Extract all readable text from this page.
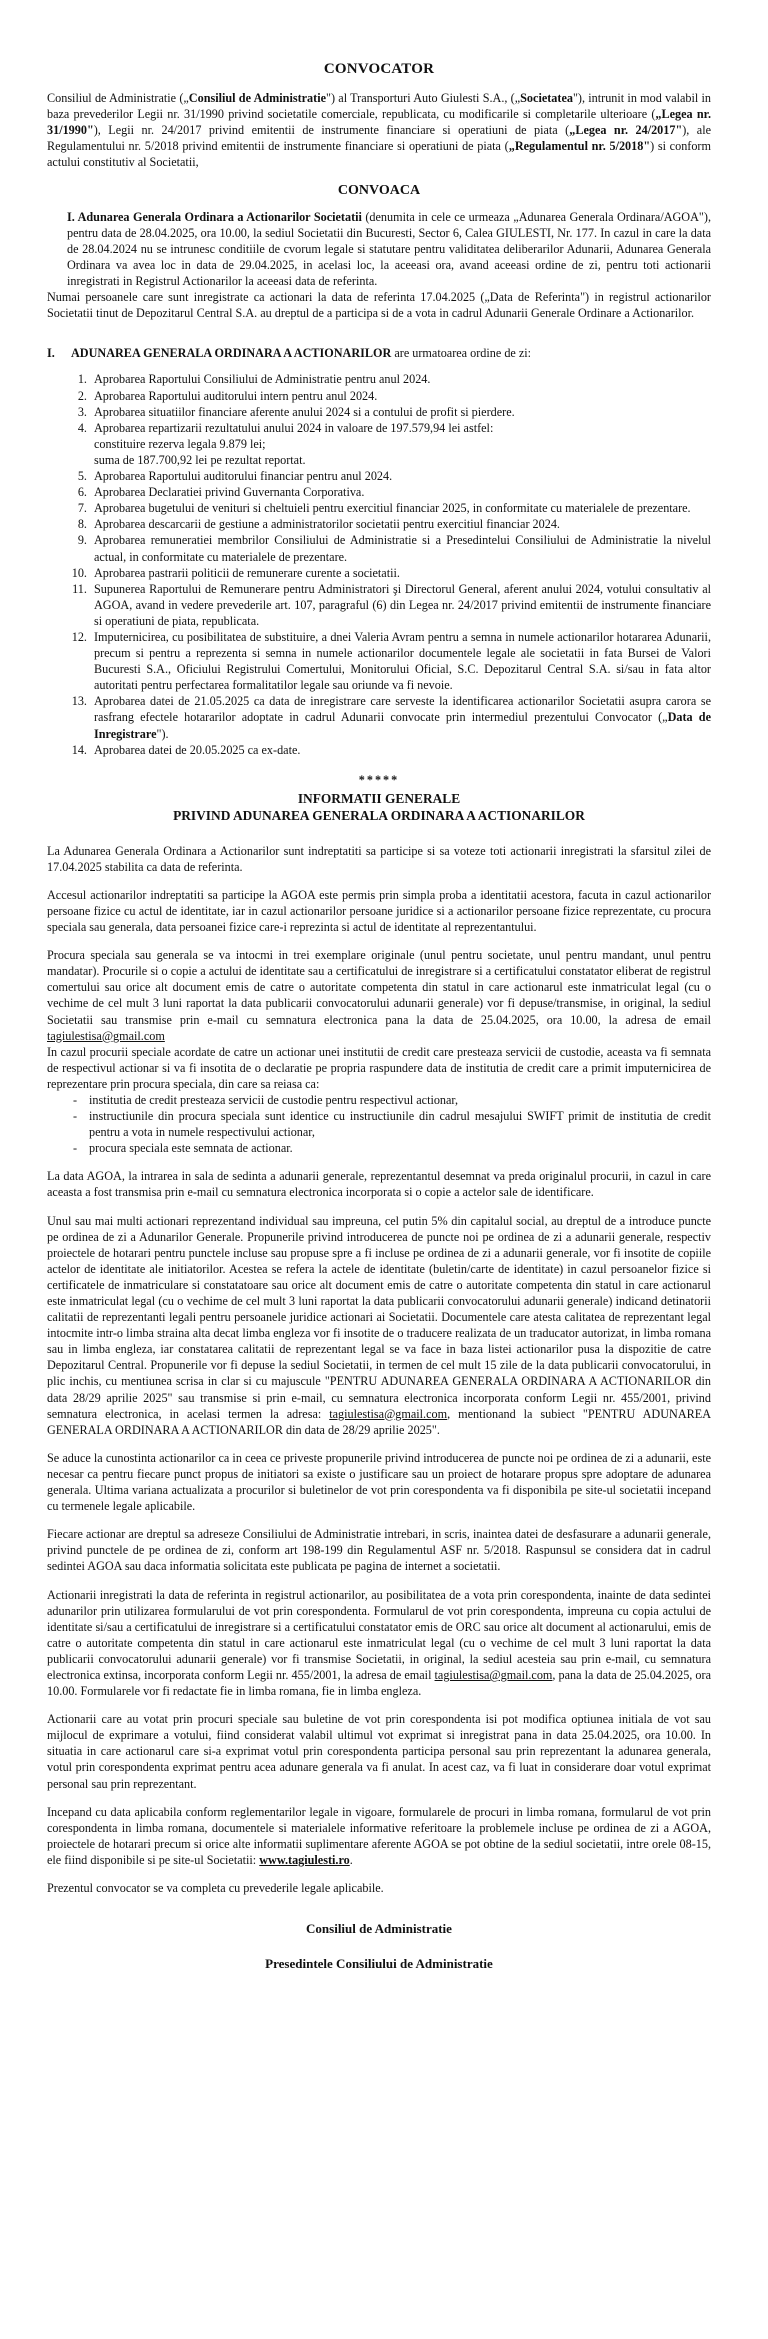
CONVOCATOR

Consiliul de Administratie („Consiliul de Administratie") al Transporturi Auto Giulesti S.A., („Societatea"), intrunit in mod valabil in baza prevederilor Legii nr. 31/1990 privind societatile comerciale, republicata, cu modificarile si completarile ulterioare („Legea nr. 31/1990"), Legii nr. 24/2017 privind emitentii de instrumente financiare si operatiuni de piata („Legea nr. 24/2017"), ale Regulamentului nr. 5/2018 privind emitentii de instrumente financiare si operatiuni de piata („Regulamentul nr. 5/2018") si conform actului constitutiv al Societatii,

CONVOACA

I. Adunarea Generala Ordinara a Actionarilor Societatii (denumita in cele ce urmeaza „Adunarea Generala Ordinara/AGOA"), pentru data de 28.04.2025, ora 10.00, la sediul Societatii din Bucuresti, Sector 6, Calea GIULESTI, Nr. 177. In cazul in care la data de 28.04.2024 nu se intrunesc conditiile de cvorum legale si statutare pentru validitatea deliberarilor Adunarii, Adunarea Generala Ordinara va avea loc in data de 29.04.2025, in acelasi loc, la aceeasi ora, avand aceeasi ordine de zi, pentru toti actionarii inregistrati in Registrul Actionarilor la aceeasi data de referinta.

Numai persoanele care sunt inregistrate ca actionari la data de referinta 17.04.2025 („Data de Referinta") in registrul actionarilor Societatii tinut de Depozitarul Central S.A. au dreptul de a participa si de a vota in cadrul Adunarii Generale Ordinare a Actionarilor.

I. ADUNAREA GENERALA ORDINARA A ACTIONARILOR are urmatoarea ordine de zi:
1. Aprobarea Raportului Consiliului de Administratie pentru anul 2024.
2. Aprobarea Raportului auditorului intern pentru anul 2024.
3. Aprobarea situatiilor financiare aferente anului 2024 si a contului de profit si pierdere.
4. Aprobarea repartizarii rezultatului anului 2024 in valoare de 197.579,94 lei astfel:
constituire rezerva legala 9.879 lei;
suma de 187.700,92 lei pe rezultat reportat.
5. Aprobarea Raportului auditorului financiar pentru anul 2024.
6. Aprobarea Declaratiei privind Guvernanta Corporativa.
7. Aprobarea bugetului de venituri si cheltuieli pentru exercitiul financiar 2025, in conformitate cu materialele de prezentare.
8. Aprobarea descarcarii de gestiune a administratorilor societatii pentru exercitiul financiar 2024.
9. Aprobarea remuneratiei membrilor Consiliului de Administratie si a Presedintelui Consiliului de Administratie la nivelul actual, in conformitate cu materialele de prezentare.
10. Aprobarea pastrarii politicii de remunerare curente a societatii.
11. Supunerea Raportului de Remunerare pentru Administratori şi Directorul General, aferent anului 2024, votului consultativ al AGOA, avand in vedere prevederile art. 107, paragraful (6) din Legea nr. 24/2017 privind emitentii de instrumente financiare si operatiuni de piata, republicata.
12. Imputernicirea, cu posibilitatea de substituire, a dnei Valeria Avram pentru a semna in numele actionarilor hotararea Adunarii, precum si pentru a reprezenta si semna in numele actionarilor documentele legale ale societatii in fata Bursei de Valori Bucuresti S.A., Oficiului Registrului Comertului, Monitorului Oficial, S.C. Depozitarul Central S.A. si/sau in fata altor autoritati pentru perfectarea formalitatilor legale sau oriunde va fi nevoie.
13. Aprobarea datei de 21.05.2025 ca data de inregistrare care serveste la identificarea actionarilor Societatii asupra carora se rasfrang efectele hotararilor adoptate in cadrul Adunarii convocate prin intermediul prezentului Convocator („Data de Inregistrare").
14. Aprobarea datei de 20.05.2025 ca ex-date.
*****
INFORMATII GENERALE
PRIVIND ADUNAREA GENERALA ORDINARA A ACTIONARILOR

La Adunarea Generala Ordinara a Actionarilor sunt indreptatiti sa participe si sa voteze toti actionarii inregistrati la sfarsitul zilei de 17.04.2025 stabilita ca data de referinta.

Accesul actionarilor indreptatiti sa participe la AGOA este permis prin simpla proba a identitatii acestora, facuta in cazul actionarilor persoane fizice cu actul de identitate, iar in cazul actionarilor persoane juridice si a actionarilor persoane fizice reprezentate, cu procura speciala sau generala, data persoanei fizice care-i reprezinta si actul de identitate al reprezentantului.

Procura speciala sau generala se va intocmi in trei exemplare originale (unul pentru societate, unul pentru mandant, unul pentru mandatar). Procurile si o copie a actului de identitate sau a certificatului de inregistrare si a certificatului constatator eliberat de registrul comertului sau orice alt document emis de catre o autoritate competenta din statul in care actionarul este inmatriculat legal (cu o vechime de cel mult 3 luni raportat la data publicarii convocatorului adunarii generale) vor fi depuse/transmise, in original, la sediul Societatii sau transmise prin e-mail cu semnatura electronica pana la data de 25.04.2025, ora 10.00, la adresa de email tagiulestisa@gmail.com

In cazul procurii speciale acordate de catre un actionar unei institutii de credit care presteaza servicii de custodie, aceasta va fi semnata de respectivul actionar si va fi insotita de o declaratie pe propria raspundere data de institutia de credit care a primit imputernicirea de reprezentare prin procura speciala, din care sa reiasa ca:

- institutia de credit presteaza servicii de custodie pentru respectivul actionar,
- instructiunile din procura speciala sunt identice cu instructiunile din cadrul mesajului SWIFT primit de institutia de credit pentru a vota in numele respectivului actionar,
- procura speciala este semnata de actionar.

La data AGOA, la intrarea in sala de sedinta a adunarii generale, reprezentantul desemnat va preda originalul procurii, in cazul in care aceasta a fost transmisa prin e-mail cu semnatura electronica incorporata si o copie a actelor sale de identificare.

Unul sau mai multi actionari reprezentand individual sau impreuna, cel putin 5% din capitalul social, au dreptul de a introduce puncte pe ordinea de zi a Adunarilor Generale. Propunerile privind introducerea de puncte noi pe ordinea de zi a adunarii generale, respectiv proiectele de hotarari pentru punctele incluse sau propuse spre a fi incluse pe ordinea de zi a adunarii generale, vor fi insotite de copiile actelor de identitate ale initiatorilor. Acestea se refera la actele de identitate (buletin/carte de identitate) in cazul persoanelor fizice si certificatele de inmatriculare si constatatoare sau orice alt document emis de catre o autoritate competenta din statul in care actionarul este inmatriculat legal (cu o vechime de cel mult 3 luni raportat la data publicarii convocatorului adunarii generale) indicand detinatorii calitatii de reprezentanti legali pentru persoanele juridice actionari ai Societatii. Documentele care atesta calitatea de reprezentant legal intocmite intr-o limba straina alta decat limba engleza vor fi insotite de o traducere realizata de un traducator autorizat, in limba romana sau in limba engleza, iar constatarea calitatii de reprezentant legal se va face in baza listei actionarilor pusa la dispozitie de catre Depozitarul Central. Propunerile vor fi depuse la sediul Societatii, in termen de cel mult 15 zile de la data publicarii convocatorului, in plic inchis, cu mentiunea scrisa in clar si cu majuscule "PENTRU ADUNAREA GENERALA ORDINARA A ACTIONARILOR din data 28/29 aprilie 2025" sau transmise si prin e-mail, cu semnatura electronica incorporata conform Legii nr. 455/2001, privind semnatura electronica, in acelasi termen la adresa: tagiulestisa@gmail.com, mentionand la subiect "PENTRU ADUNAREA GENERALA ORDINARA A ACTIONARILOR din data de 28/29 aprilie 2025".

Se aduce la cunostinta actionarilor ca in ceea ce priveste propunerile privind introducerea de puncte noi pe ordinea de zi a adunarii, este necesar ca pentru fiecare punct propus de initiatori sa existe o justificare sau un proiect de hotarare propus spre adoptare de adunarea generala. Ultima variana actualizata a procurilor si buletinelor de vot prin corespondenta va fi disponibila pe site-ul societatii incepand cu termenele legale aplicabile.

Fiecare actionar are dreptul sa adreseze Consiliului de Administratie intrebari, in scris, inaintea datei de desfasurare a adunarii generale, privind punctele de pe ordinea de zi, conform art 198-199 din Regulamentul ASF nr. 5/2018. Raspunsul se considera dat in cadrul sedintei AGOA sau daca informatia solicitata este publicata pe pagina de internet a societatii.

Actionarii inregistrati la data de referinta in registrul actionarilor, au posibilitatea de a vota prin corespondenta, inainte de data sedintei adunarilor prin utilizarea formularului de vot prin corespondenta. Formularul de vot prin corespondenta, impreuna cu copia actului de identitate si/sau a certificatului de inregistrare si a certificatului constatator emis de ORC sau orice alt document al actionarului, emis de catre o autoritate competenta din statul in care actionarul este inmatriculat legal (cu o vechime de cel mult 3 luni raportat la data publicarii convocatorului adunarii generale) vor fi transmise Societatii, in original, la sediul acesteia sau prin e-mail, cu semnatura electronica extinsa, incorporata conform Legii nr. 455/2001, la adresa de email tagiulestisa@gmail.com, pana la data de 25.04.2025, ora 10.00. Formularele vor fi redactate fie in limba romana, fie in limba engleza.

Actionarii care au votat prin procuri speciale sau buletine de vot prin corespondenta isi pot modifica optiunea initiala de vot sau mijlocul de exprimare a votului, fiind considerat valabil ultimul vot exprimat si inregistrat pana in data 25.04.2025, ora 10.00. In situatia in care actionarul care si-a exprimat votul prin corespondenta participa personal sau prin reprezentant la adunarea generala, votul prin corespondenta exprimat pentru acea adunare generala va fi anulat. In acest caz, va fi luat in considerare doar votul exprimat personal sau prin reprezentant.

Incepand cu data aplicabila conform reglementarilor legale in vigoare, formularele de procuri in limba romana, formularul de vot prin corespondenta in limba romana, documentele si materialele informative referitoare la problemele incluse pe ordinea de zi a AGOA, proiectele de hotarari precum si orice alte informatii suplimentare aferente AGOA se pot obtine de la sediul societatii, intre orele 08-15, ele fiind disponibile si pe site-ul Societatii: www.tagiulesti.ro.

Prezentul convocator se va completa cu prevederile legale aplicabile.

Consiliul de Administratie
Presedintele Consiliului de Administratie
